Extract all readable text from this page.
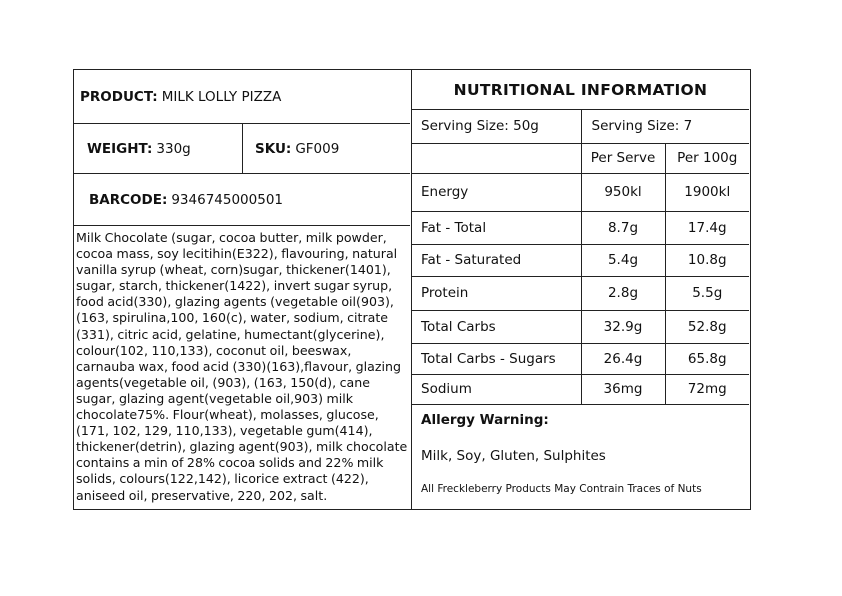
PRODUCT: MILK LOLLY PIZZA
WEIGHT: 330g	SKU: GF009
BARCODE: 9346745000501
Milk Chocolate (sugar, cocoa butter, milk powder, cocoa mass, soy lecitihin(E322), flavouring, natural vanilla syrup (wheat, corn)sugar, thickener(1401), sugar, starch, thickener(1422), invert sugar syrup, food acid(330), glazing agents (vegetable oil(903), (163, spirulina,100, 160(c), water, sodium, citrate (331), citric acid, gelatine, humectant(glycerine), colour(102, 110,133), coconut oil, beeswax, carnauba wax, food acid (330)(163),flavour, glazing agents(vegetable oil, (903), (163, 150(d), cane sugar, glazing agent(vegetable oil,903) milk chocolate75%. Flour(wheat), molasses, glucose, (171, 102, 129, 110,133), vegetable gum(414), thickener(detrin), glazing agent(903), milk chocolate contains a min of 28% cocoa solids and 22% milk solids, colours(122,142), licorice extract (422), aniseed oil, preservative, 220, 202, salt.
NUTRITIONAL INFORMATION
Serving Size: 50g	Serving Size: 7	
	Per Serve	Per 100g
Energy	950kl	1900kl
Fat - Total	8.7g	17.4g
Fat - Saturated	5.4g	10.8g
Protein	2.8g	5.5g
Total Carbs	32.9g	52.8g
Total Carbs - Sugars	26.4g	65.8g
Sodium	36mg	72mg
Allergy Warning:
Milk, Soy, Gluten, Sulphites
All Freckleberry Products May Contrain Traces of Nuts
